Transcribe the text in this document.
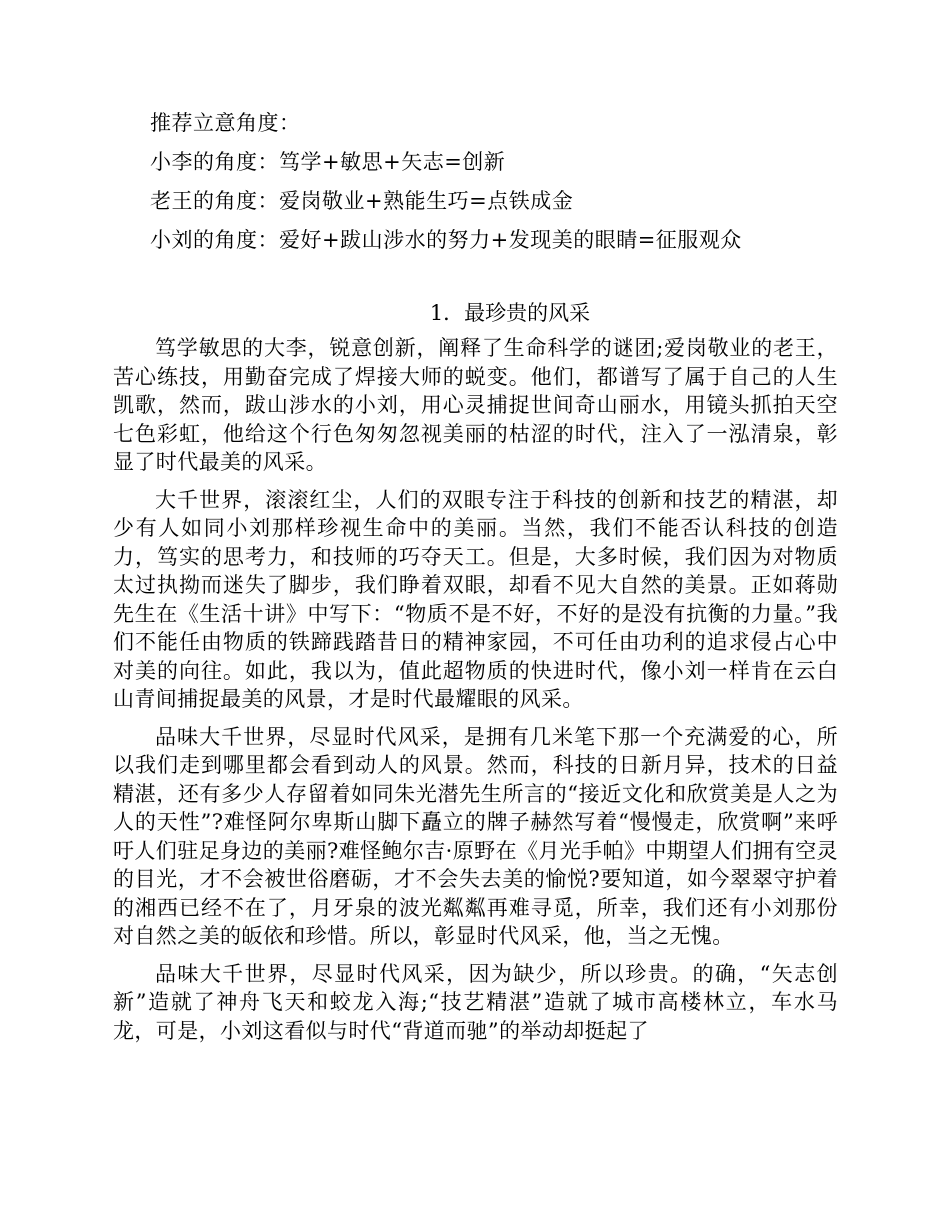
推荐立意角度：
小李的角度：笃学+敏思+矢志=创新
老王的角度：爱岗敬业+熟能生巧=点铁成金
小刘的角度：爱好+跋山涉水的努力+发现美的眼睛=征服观众
1．最珍贵的风采

笃学敏思的大李，锐意创新，阐释了生命科学的谜团;爱岗敬业的老王，苦心练技，用勤奋完成了焊接大师的蜕变。他们，都谱写了属于自己的人生凯歌，然而，跋山涉水的小刘，用心灵捕捉世间奇山丽水，用镜头抓拍天空七色彩虹，他给这个行色匆匆忽视美丽的枯涩的时代，注入了一泓清泉，彰显了时代最美的风采。

大千世界，滚滚红尘，人们的双眼专注于科技的创新和技艺的精湛，却少有人如同小刘那样珍视生命中的美丽。当然，我们不能否认科技的创造力，笃实的思考力，和技师的巧夺天工。但是，大多时候，我们因为对物质太过执拗而迷失了脚步，我们睁着双眼，却看不见大自然的美景。正如蒋勋先生在《生活十讲》中写下：“物质不是不好，不好的是没有抗衡的力量。”我们不能任由物质的铁蹄践踏昔日的精神家园，不可任由功利的追求侵占心中对美的向往。如此，我以为，值此超物质的快进时代，像小刘一样肯在云白山青间捕捉最美的风景，才是时代最耀眼的风采。

品味大千世界，尽显时代风采，是拥有几米笔下那一个充满爱的心，所以我们走到哪里都会看到动人的风景。然而，科技的日新月异，技术的日益精湛，还有多少人存留着如同朱光潜先生所言的“接近文化和欣赏美是人之为人的天性”?难怪阿尔卑斯山脚下矗立的牌子赫然写着“慢慢走，欣赏啊”来呼吁人们驻足身边的美丽?难怪鲍尔吉·原野在《月光手帕》中期望人们拥有空灵的目光，才不会被世俗磨砺，才不会失去美的愉悦?要知道，如今翠翠守护着的湘西已经不在了，月牙泉的波光粼粼再难寻觅，所幸，我们还有小刘那份对自然之美的皈依和珍惜。所以，彰显时代风采，他，当之无愧。

品味大千世界，尽显时代风采，因为缺少，所以珍贵。的确，“矢志创新”造就了神舟飞天和蛟龙入海;“技艺精湛”造就了城市高楼林立，车水马龙，可是，小刘这看似与时代“背道而驰”的举动却挺起了
